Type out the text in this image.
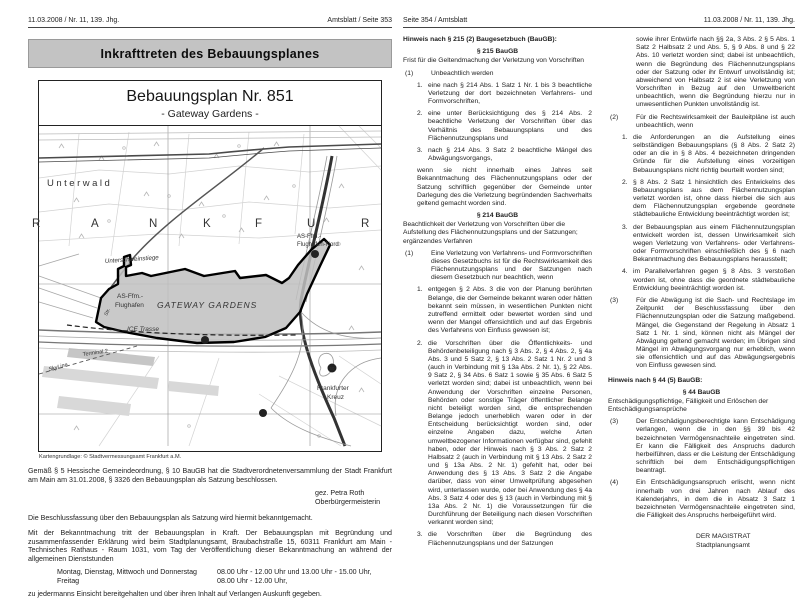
11.03.2008 / Nr. 11, 139. Jhg.	Amtsblatt / Seite 353
Inkrafttreten des Bebauungsplanes
Bebauungsplan Nr. 851
- Gateway Gardens -
R	A	N	K	F	U	R
Unterwald
Unterschweinstiege
AS-Ffm.-
Flughafen-Nord
AS-Ffm.-
Flughafen GATEWAY GARDENS
ICE Trasse
Str.
Terminal 2
SkyLine
Frankfurter
Kreuz
50
Kartengrundlage: © Stadtvermessungsamt Frankfurt a.M.
Gemäß § 5 Hessische Gemeindeordnung, § 10 BauGB hat die Stadtverordnetenversammlung der Stadt Frankfurt am Main am 31.01.2008, § 3326 den Bebauungsplan als Satzung beschlossen.
gez. Petra Roth
Oberbürgermeisterin
Die Beschlussfassung über den Bebauungsplan als Satzung wird hiermit bekanntgemacht.
Mit der Bekanntmachung tritt der Bebauungsplan in Kraft. Der Bebauungsplan mit Begründung und zusammenfassender Erklärung wird beim Stadtplanungsamt, Braubachstraße 15, 60311 Frankfurt am Main - Technisches Rathaus - Raum 1031, vom Tag der Veröffentlichung dieser Bekanntmachung an während der allgemeinen Dienststunden
Montag, Dienstag, Mittwoch und Donnerstag	08.00 Uhr - 12.00 Uhr und 13.00 Uhr - 15.00 Uhr,
Freitag	08.00 Uhr - 12.00 Uhr,
zu jedermanns Einsicht bereitgehalten und über ihren Inhalt auf Verlangen Auskunft gegeben.
Seite 354 / Amtsblatt	11.03.2008 / Nr. 11, 139. Jhg.
Hinweis nach § 215 (2) Baugesetzbuch (BauGB):
§ 215 BauGB
Frist für die Geltendmachung der Verletzung von Vorschriften
(1)	Unbeachtlich werden
1. eine nach § 214 Abs. 1 Satz 1 Nr. 1 bis 3 beachtliche Verletzung der dort bezeichneten Verfahrens- und Formvorschriften,
2. eine unter Berücksichtigung des § 214 Abs. 2 beachtliche Verletzung der Vorschriften über das Verhältnis des Bebauungsplans und des Flächennutzungsplans und
3. nach § 214 Abs. 3 Satz 2 beachtliche Mängel des Abwägungsvorgangs,
wenn sie nicht innerhalb eines Jahres seit Bekanntmachung des Flächennutzungsplans oder der Satzung schriftlich gegenüber der Gemeinde unter Darlegung des die Verletzung begründenden Sachverhalts geltend gemacht worden sind.
§ 214 BauGB
Beachtlichkeit der Verletzung von Vorschriften über die Aufstellung des Flächennutzungsplans und der Satzungen; ergänzendes Verfahren
(1)	Eine Verletzung von Verfahrens- und Formvorschriften dieses Gesetzbuchs ist für die Rechtswirksamkeit des Flächennutzungsplans und der Satzungen nach diesem Gesetzbuch nur beachtlich, wenn
1. entgegen § 2 Abs. 3 die von der Planung berührten Belange, die der Gemeinde bekannt waren oder hätten bekannt sein müssen, in wesentlichen Punkten nicht zutreffend ermittelt oder bewertet worden sind und wenn der Mangel offensichtlich und auf das Ergebnis des Verfahrens von Einfluss gewesen ist;
2. die Vorschriften über die Öffentlichkeits- und Behördenbeteiligung nach § 3 Abs. 2, § 4 Abs. 2, § 4a Abs. 3 und 5 Satz 2, § 13 Abs. 2 Satz 1 Nr. 2 und 3 (auch in Verbindung mit § 13a Abs. 2 Nr. 1), § 22 Abs. 9 Satz 2, § 34 Abs. 6 Satz 1 sowie § 35 Abs. 6 Satz 5 verletzt worden sind; dabei ist unbeachtlich, wenn bei Anwendung der Vorschriften einzelne Personen, Behörden oder sonstige Träger öffentlicher Belange nicht beteiligt worden sind, die entsprechenden Belange jedoch unerheblich waren oder in der Entscheidung berücksichtigt worden sind, oder einzelne Angaben dazu, welche Arten umweltbezogener Informationen verfügbar sind, gefehlt haben, oder der Hinweis nach § 3 Abs. 2 Satz 2 Halbsatz 2 (auch in Verbindung mit § 13 Abs. 2 Satz 2 und § 13a Abs. 2 Nr. 1) gefehlt hat, oder bei Anwendung des § 13 Abs. 3 Satz 2 die Angabe darüber, dass von einer Umweltprüfung abgesehen wird, unterlassen wurde, oder bei Anwendung des § 4a Abs. 3 Satz 4 oder des § 13 (auch in Verbindung mit § 13a Abs. 2 Nr. 1) die Voraussetzungen für die Durchführung der Beteiligung nach diesen Vorschriften verkannt worden sind;
3. die Vorschriften über die Begründung des Flächennutzungsplans und der Satzungen
sowie ihrer Entwürfe nach §§ 2a, 3 Abs. 2 § 5 Abs. 1 Satz 2 Halbsatz 2 und Abs. 5, § 9 Abs. 8 und § 22 Abs. 10 verletzt worden sind; dabei ist unbeachtlich, wenn die Begründung des Flächennutzungsplans oder der Satzung oder ihr Entwurf unvollständig ist; abweichend von Halbsatz 2 ist eine Verletzung von Vorschriften in Bezug auf den Umweltbericht unbeachtlich, wenn die Begründung hierzu nur in unwesentlichen Punkten unvollständig ist.
(2)	Für die Rechtswirksamkeit der Bauleitpläne ist auch unbeachtlich, wenn
1. die Anforderungen an die Aufstellung eines selbständigen Bebauungsplans (§ 8 Abs. 2 Satz 2) oder an die in § 8 Abs. 4 bezeichneten dringenden Gründe für die Aufstellung eines vorzeitigen Bebauungsplans nicht richtig beurteilt worden sind;
2. § 8 Abs. 2 Satz 1 hinsichtlich des Entwickelns des Bebauungsplans aus dem Flächennutzungsplan verletzt worden ist, ohne dass hierbei die sich aus dem Flächennutzungsplan ergebende geordnete städtebauliche Entwicklung beeinträchtigt worden ist;
3. der Bebauungsplan aus einem Flächennutzungsplan entwickelt worden ist, dessen Unwirksamkeit sich wegen Verletzung von Verfahrens- oder Verfahrens- oder Formvorschriften einschließlich des § 6 nach Bekanntmachung des Bebauungsplans herausstellt;
4. im Parallelverfahren gegen § 8 Abs. 3 verstoßen worden ist, ohne dass die geordnete städtebauliche Entwicklung beeinträchtigt worden ist.
(3)	Für die Abwägung ist die Sach- und Rechtslage im Zeitpunkt der Beschlussfassung über den Flächennutzungsplan oder die Satzung maßgebend. Mängel, die Gegenstand der Regelung in Absatz 1 Satz 1 Nr. 1 sind, können nicht als Mängel der Abwägung geltend gemacht werden; im Übrigen sind Mängel im Abwägungsvorgang nur erheblich, wenn sie offensichtlich und auf das Abwägungsergebnis von Einfluss gewesen sind.
Hinweis nach § 44 (5) BauGB:
§ 44 BauGB
Entschädigungspflichtige, Fälligkeit und Erlöschen der Entschädigungsansprüche
(3)	Der Entschädigungsberechtigte kann Entschädigung verlangen, wenn die in den §§ 39 bis 42 bezeichneten Vermögensnachteile eingetreten sind. Er kann die Fälligkeit des Anspruchs dadurch herbeiführen, dass er die Leistung der Entschädigung schriftlich bei dem Entschädigungspflichtigen beantragt.
(4)	Ein Entschädigungsanspruch erlischt, wenn nicht innerhalb von drei Jahren nach Ablauf des Kalenderjahrs, in dem die in Absatz 3 Satz 1 bezeichneten Vermögensnachteile eingetreten sind, die Fälligkeit des Anspruchs herbeigeführt wird.
DER MAGISTRAT
Stadtplanungsamt
